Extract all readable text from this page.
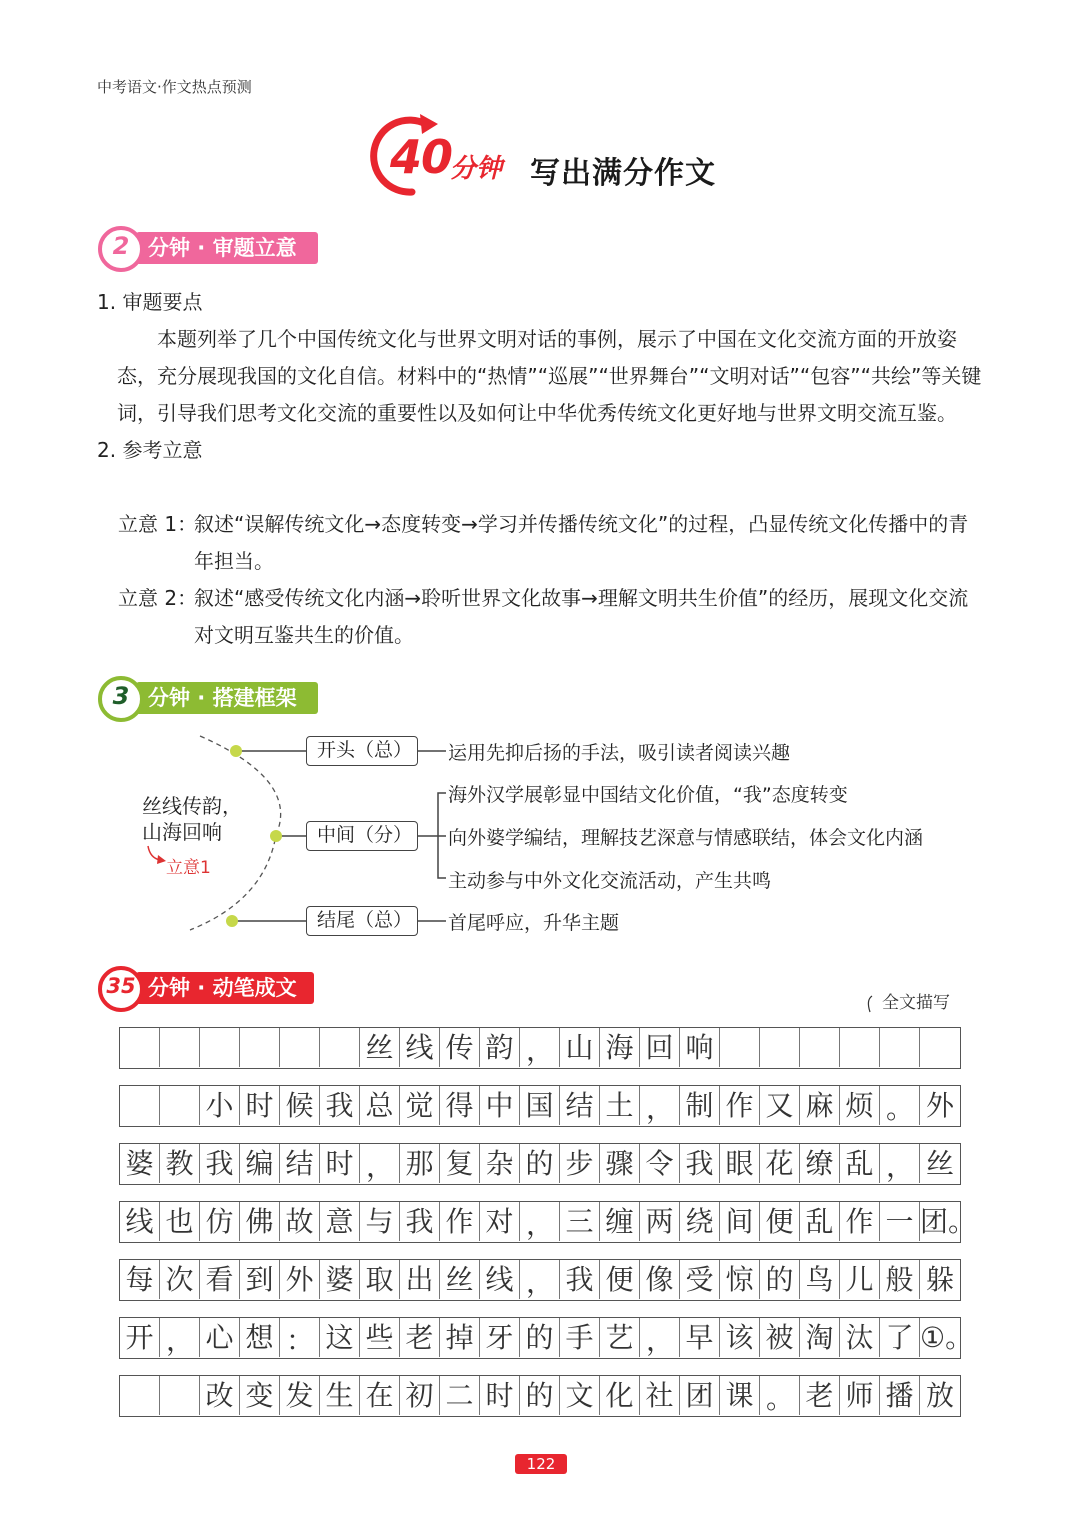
中考语文·作文热点预测
40
分钟 写出满分作文
分钟 · 审题立意
2
1. 审题要点
本题列举了几个中国传统文化与世界文明对话的事例，展示了中国在文化交流方面的开放姿态，充分展现我国的文化自信。材料中的“热情”“巡展”“世界舞台”“文明对话”“包容”“共绘”等关键词，引导我们思考文化交流的重要性以及如何让中华优秀传统文化更好地与世界文明交流互鉴。
2. 参考立意
立意 1：
叙述“误解传统文化→态度转变→学习并传播传统文化”的过程，凸显传统文化传播中的青年担当。
立意 2：
叙述“感受传统文化内涵→聆听世界文化故事→理解文明共生价值”的经历，展现文化交流对文明互鉴共生的价值。
分钟 · 搭建框架
3
丝线传韵，
山海回响
立意1
开头（总）	运用先抑后扬的手法，吸引读者阅读兴趣
中间（分）
海外汉学展彰显中国结文化价值，“我”态度转变
向外婆学编结，理解技艺深意与情感联结，体会文化内涵
主动参与中外文化交流活动，产生共鸣
结尾（总）	首尾呼应，升华主题
分钟 · 动笔成文
35
全文描写
丝 线 传 韵 ， 山 海 回 响
小 时 候 我 总 觉 得 中 国 结 土 ， 制 作 又 麻 烦 。 外
婆 教 我 编 结 时 ， 那 复 杂 的 步 骤 令 我 眼 花 缭 乱 ， 丝
线 也 仿 佛 故 意 与 我 作 对 ， 三 缠 两 绕 间 便 乱 作 一 团。
每 次 看 到 外 婆 取 出 丝 线 ， 我 便 像 受 惊 的 鸟 儿 般 躲
开 ， 心 想 ： 这 些 老 掉 牙 的 手 艺 ， 早 该 被 淘 汰 了 ①。
改 变 发 生 在 初 二 时 的 文 化 社 团 课 。 老 师 播 放
122
